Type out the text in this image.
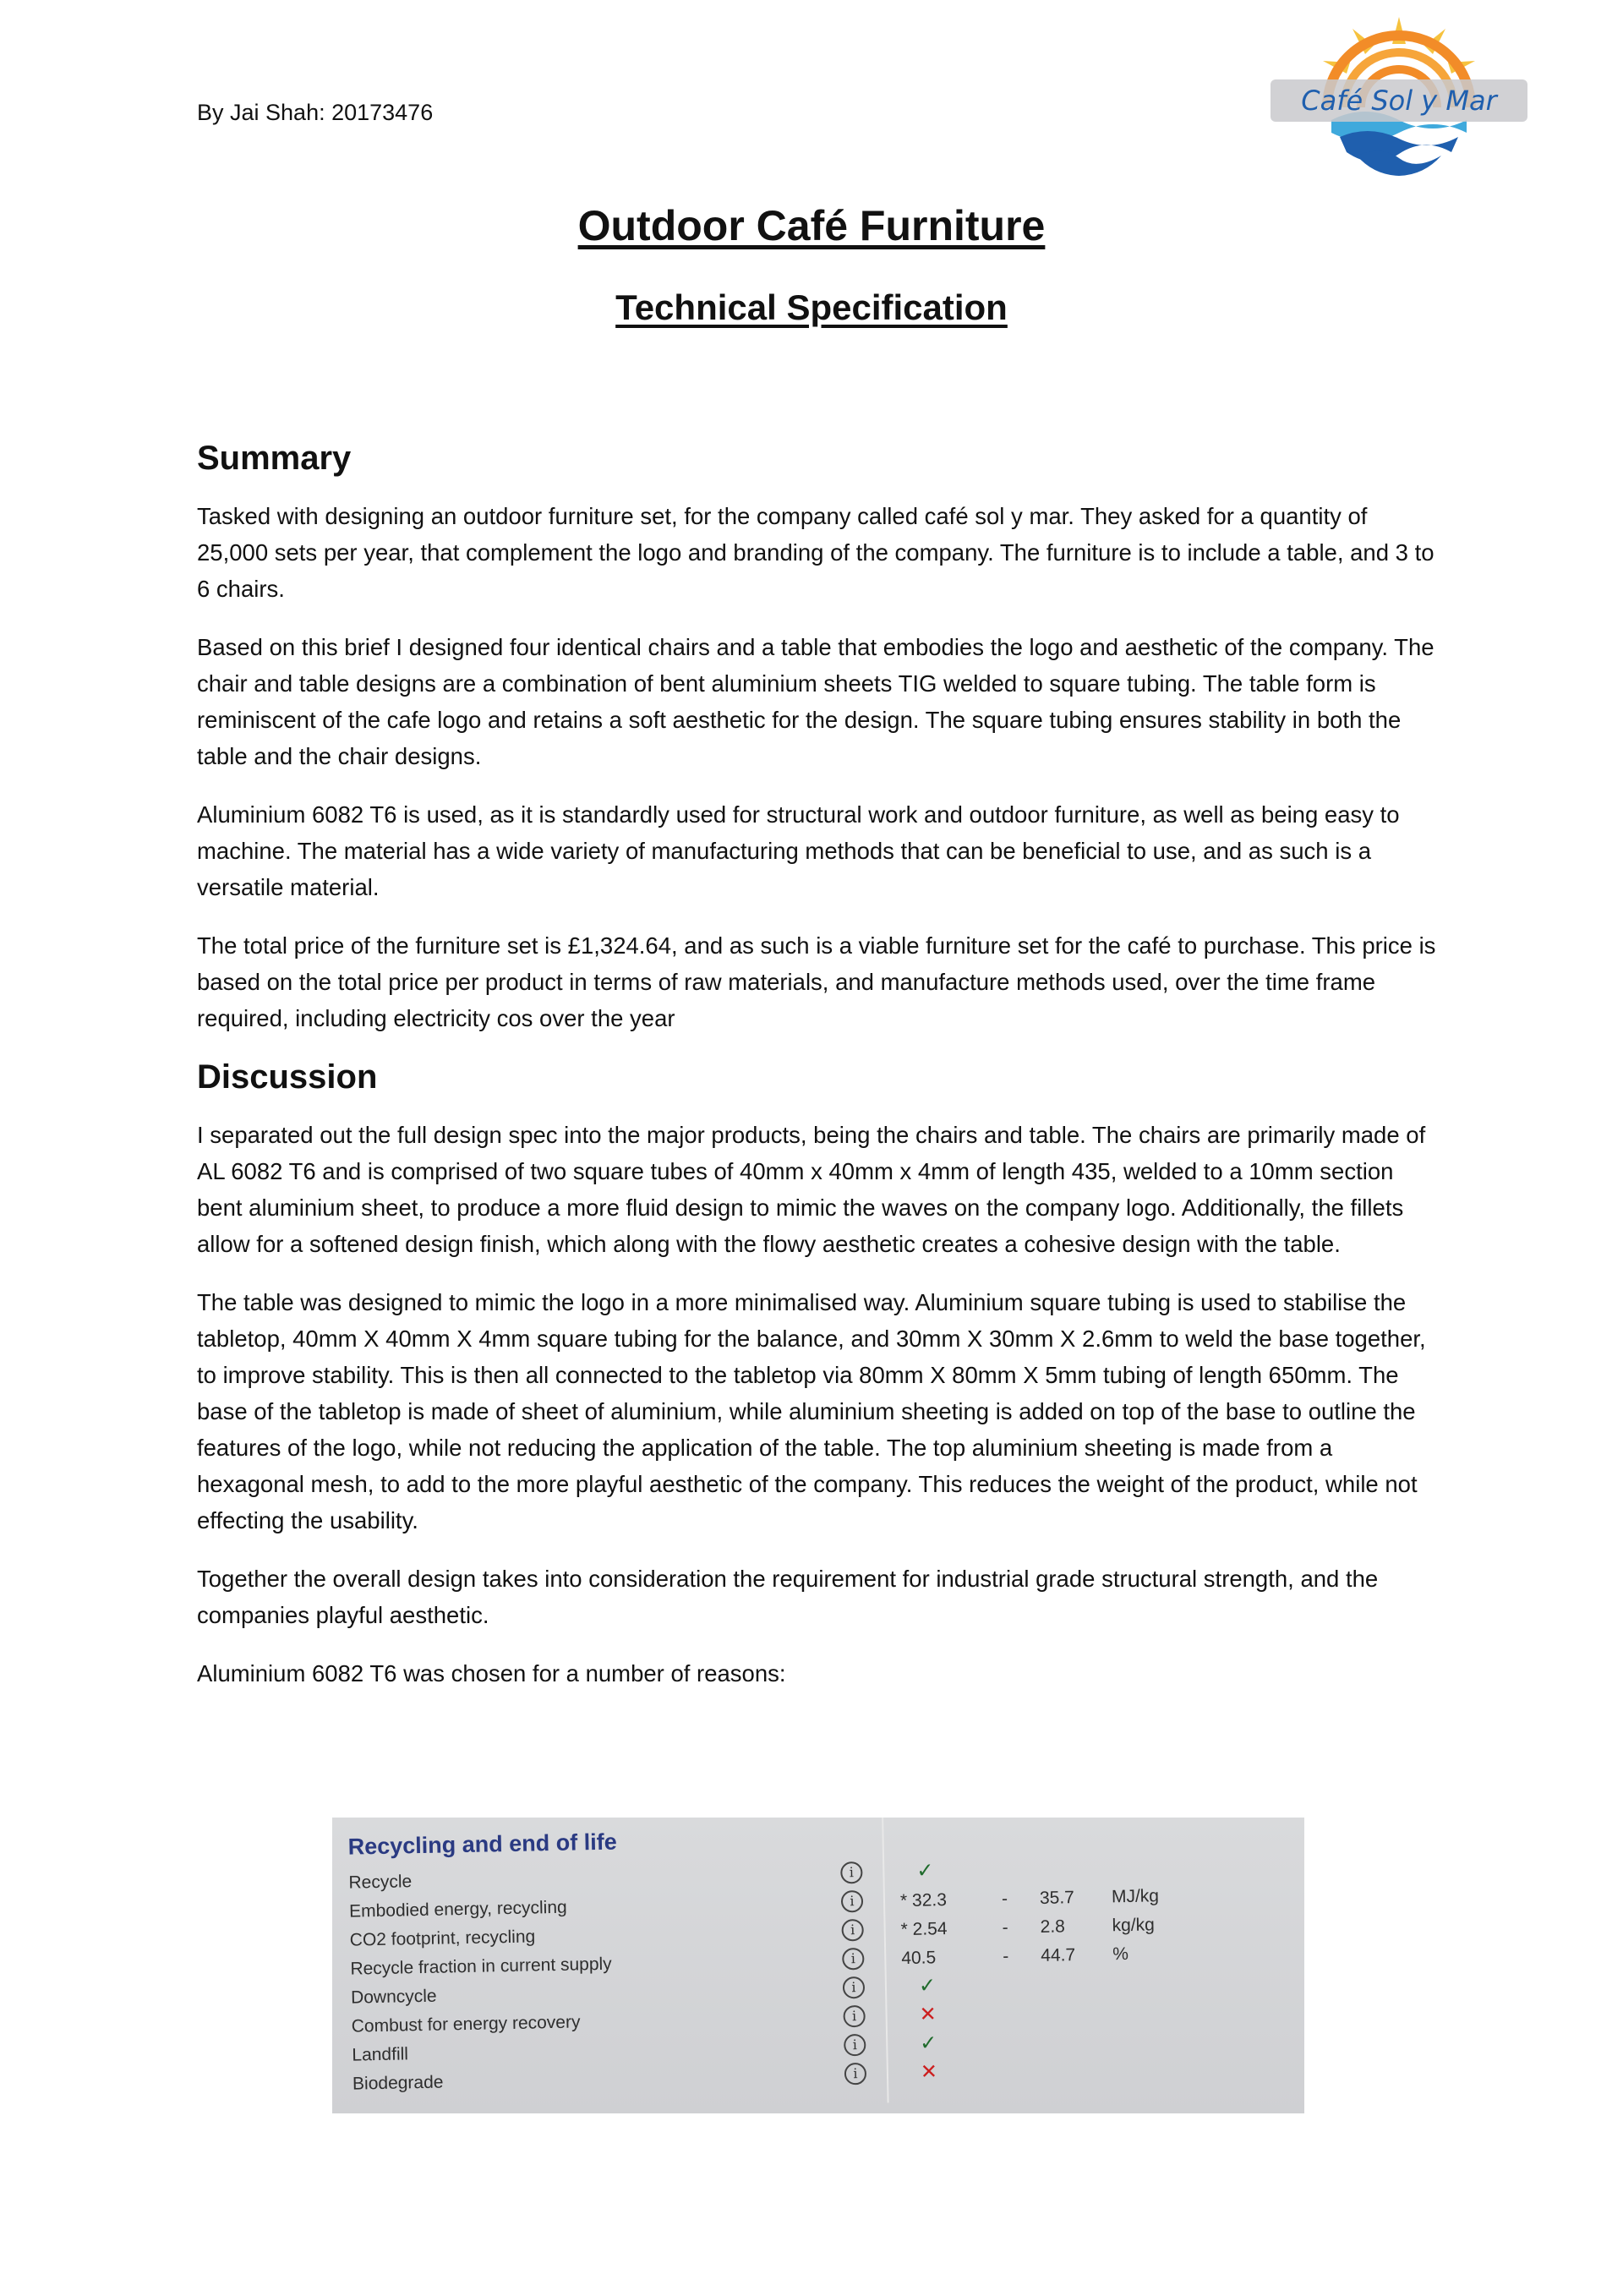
By Jai Shah: 20173476	Café Sol y Mar
Outdoor Café Furniture
Technical Specification
Summary

Tasked with designing an outdoor furniture set, for the company called café sol y mar. They asked for a quantity of 25,000 sets per year, that complement the logo and branding of the company. The furniture is to include a table, and 3 to 6 chairs.

Based on this brief I designed four identical chairs and a table that embodies the logo and aesthetic of the company. The chair and table designs are a combination of bent aluminium sheets TIG welded to square tubing. The table form is reminiscent of the cafe logo and retains a soft aesthetic for the design. The square tubing ensures stability in both the table and the chair designs.

Aluminium 6082 T6 is used, as it is standardly used for structural work and outdoor furniture, as well as being easy to machine. The material has a wide variety of manufacturing methods that can be beneficial to use, and as such is a versatile material.

The total price of the furniture set is £1,324.64, and as such is a viable furniture set for the café to purchase. This price is based on the total price per product in terms of raw materials, and manufacture methods used, over the time frame required, including electricity cos over the year

Discussion

I separated out the full design spec into the major products, being the chairs and table. The chairs are primarily made of AL 6082 T6 and is comprised of two square tubes of 40mm x 40mm x 4mm of length 435, welded to a 10mm section bent aluminium sheet, to produce a more fluid design to mimic the waves on the company logo. Additionally, the fillets allow for a softened design finish, which along with the flowy aesthetic creates a cohesive design with the table.

The table was designed to mimic the logo in a more minimalised way. Aluminium square tubing is used to stabilise the tabletop, 40mm X 40mm X 4mm square tubing for the balance, and 30mm X 30mm X 2.6mm to weld the base together, to improve stability. This is then all connected to the tabletop via 80mm X 80mm X 5mm tubing of length 650mm. The base of the tabletop is made of sheet of aluminium, while aluminium sheeting is added on top of the base to outline the features of the logo, while not reducing the application of the table. The top aluminium sheeting is made from a hexagonal mesh, to add to the more playful aesthetic of the company. This reduces the weight of the product, while not effecting the usability.

Together the overall design takes into consideration the requirement for industrial grade structural strength, and the companies playful aesthetic.

Aluminium 6082 T6 was chosen for a number of reasons:

Recycling and end of life
Recycle	i	✓
Embodied energy, recycling	i	* 32.3	- 35.7 MJ/kg
CO2 footprint, recycling	i	* 2.54	- 2.8	kg/kg
Recycle fraction in current supply	i	40.5	- 44.7 %
Downcycle	i	✓
Combust for energy recovery	i	✕
Landfill	i	✓
Biodegrade	i	✕
